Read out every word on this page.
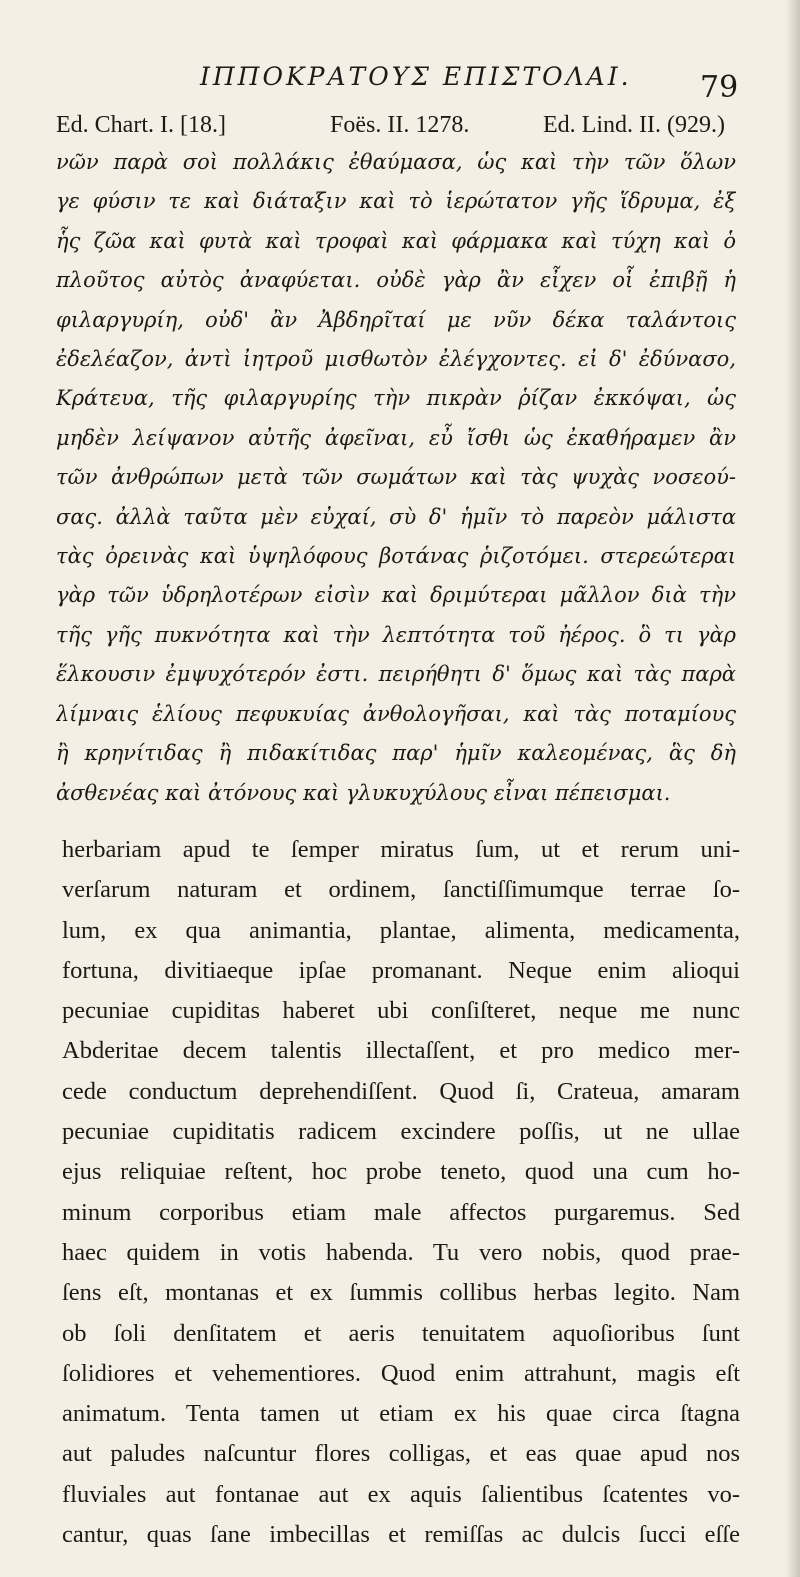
ΙΠΠΟΚΡΑΤΟΥΣ ΕΠΙΣΤΟΛΑΙ. 79
Ed. Chart. I. [18.]	Foës. II. 1278.	Ed. Lind. II. (929.)
νῶν παρὰ σοὶ πολλάκις ἐθαύμασα, ὡς καὶ τὴν τῶν ὅλων
γε φύσιν τε καὶ διάταξιν καὶ τὸ ἱερώτατον γῆς ἵδρυμα, ἐξ
ἧς ζῶα καὶ φυτὰ καὶ τροφαὶ καὶ φάρμακα καὶ τύχη καὶ ὁ
πλοῦτος αὐτὸς ἀναφύεται. οὐδὲ γὰρ ἂν εἶχεν οἷ ἐπιβῇ ἡ
φιλαργυρίη, οὐδ' ἂν Ἀβδηρῖταί με νῦν δέκα ταλάντοις
ἐδελέαζον, ἀντὶ ἰητροῦ μισθωτὸν ἐλέγχοντες. εἰ δ' ἐδύνασο,
Κράτευα, τῆς φιλαργυρίης τὴν πικρὰν ῥίζαν ἐκκόψαι, ὡς
μηδὲν λείψανον αὐτῆς ἀφεῖναι, εὖ ἴσθι ὡς ἐκαθήραμεν ἂν
τῶν ἀνθρώπων μετὰ τῶν σωμάτων καὶ τὰς ψυχὰς νοσεού-
σας. ἀλλὰ ταῦτα μὲν εὐχαί, σὺ δ' ἡμῖν τὸ παρεὸν μάλιστα
τὰς ὀρεινὰς καὶ ὑψηλόφους βοτάνας ῥιζοτόμει. στερεώτεραι
γὰρ τῶν ὑδρηλοτέρων εἰσὶν καὶ δριμύτεραι μᾶλλον διὰ τὴν
τῆς γῆς πυκνότητα καὶ τὴν λεπτότητα τοῦ ἠέρος. ὃ τι γὰρ
ἕλκουσιν ἐμψυχότερόν ἐστι. πειρήθητι δ' ὅμως καὶ τὰς παρὰ
λίμναις ἑλίους πεφυκυίας ἀνθολογῆσαι, καὶ τὰς ποταμίους
ἢ κρηνίτιδας ἢ πιδακίτιδας παρ' ἡμῖν καλεομένας, ἃς δὴ
ἀσθενέας καὶ ἀτόνους καὶ γλυκυχύλους εἶναι πέπεισμαι.
herbariam apud te ſemper miratus ſum, ut et rerum uni-
verſarum naturam et ordinem, ſanctiſſimumque terrae ſo-
lum, ex qua animantia, plantae, alimenta, medicamenta,
fortuna, divitiaeque ipſae promanant. Neque enim alioqui
pecuniae cupiditas haberet ubi conſiſteret, neque me nunc
Abderitae decem talentis illectaſſent, et pro medico mer-
cede conductum deprehendiſſent. Quod ſi, Crateua, amaram
pecuniae cupiditatis radicem excindere poſſis, ut ne ullae
ejus reliquiae reſtent, hoc probe teneto, quod una cum ho-
minum corporibus etiam male affectos purgaremus. Sed
haec quidem in votis habenda. Tu vero nobis, quod prae-
ſens eſt, montanas et ex ſummis collibus herbas legito. Nam
ob ſoli denſitatem et aeris tenuitatem aquoſioribus ſunt
ſolidiores et vehementiores. Quod enim attrahunt, magis eſt
animatum. Tenta tamen ut etiam ex his quae circa ſtagna
aut paludes naſcuntur flores colligas, et eas quae apud nos
fluviales aut fontanae aut ex aquis ſalientibus ſcatentes vo-
cantur, quas ſane imbecillas et remiſſas ac dulcis ſucci eſſe
